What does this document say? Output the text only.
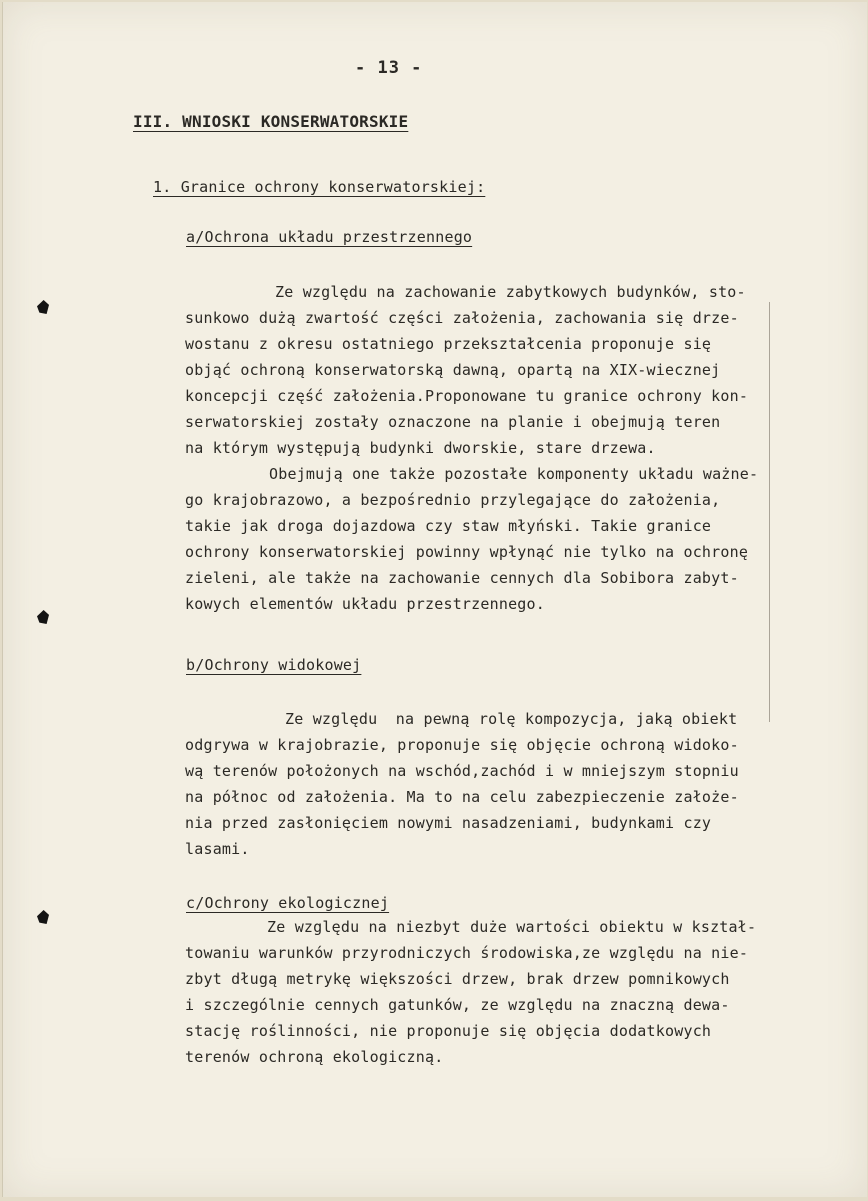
- 13 -
III. WNIOSKI KONSERWATORSKIE
1. Granice ochrony konserwatorskiej:
a/Ochrona układu przestrzennego
Ze względu na zachowanie zabytkowych budynków, sto-
sunkowo dużą zwartość części założenia, zachowania się drze-
wostanu z okresu ostatniego przekształcenia proponuje się
objąć ochroną konserwatorską dawną, opartą na XIX-wiecznej
koncepcji część założenia.Proponowane tu granice ochrony kon-
serwatorskiej zostały oznaczone na planie i obejmują teren
na którym występują budynki dworskie, stare drzewa.
Obejmują one także pozostałe komponenty układu ważne-
go krajobrazowo, a bezpośrednio przylegające do założenia,
takie jak droga dojazdowa czy staw młyński. Takie granice
ochrony konserwatorskiej powinny wpłynąć nie tylko na ochronę
zieleni, ale także na zachowanie cennych dla Sobibora zabyt-
kowych elementów układu przestrzennego.
b/Ochrony widokowej
Ze względu  na pewną rolę kompozycja, jaką obiekt
odgrywa w krajobrazie, proponuje się objęcie ochroną widoko-
wą terenów położonych na wschód,zachód i w mniejszym stopniu
na północ od założenia. Ma to na celu zabezpieczenie założe-
nia przed zasłonięciem nowymi nasadzeniami, budynkami czy
lasami.
c/Ochrony ekologicznej
Ze względu na niezbyt duże wartości obiektu w kształ-
towaniu warunków przyrodniczych środowiska,ze względu na nie-
zbyt długą metrykę większości drzew, brak drzew pomnikowych
i szczególnie cennych gatunków, ze względu na znaczną dewa-
stację roślinności, nie proponuje się objęcia dodatkowych
terenów ochroną ekologiczną.
